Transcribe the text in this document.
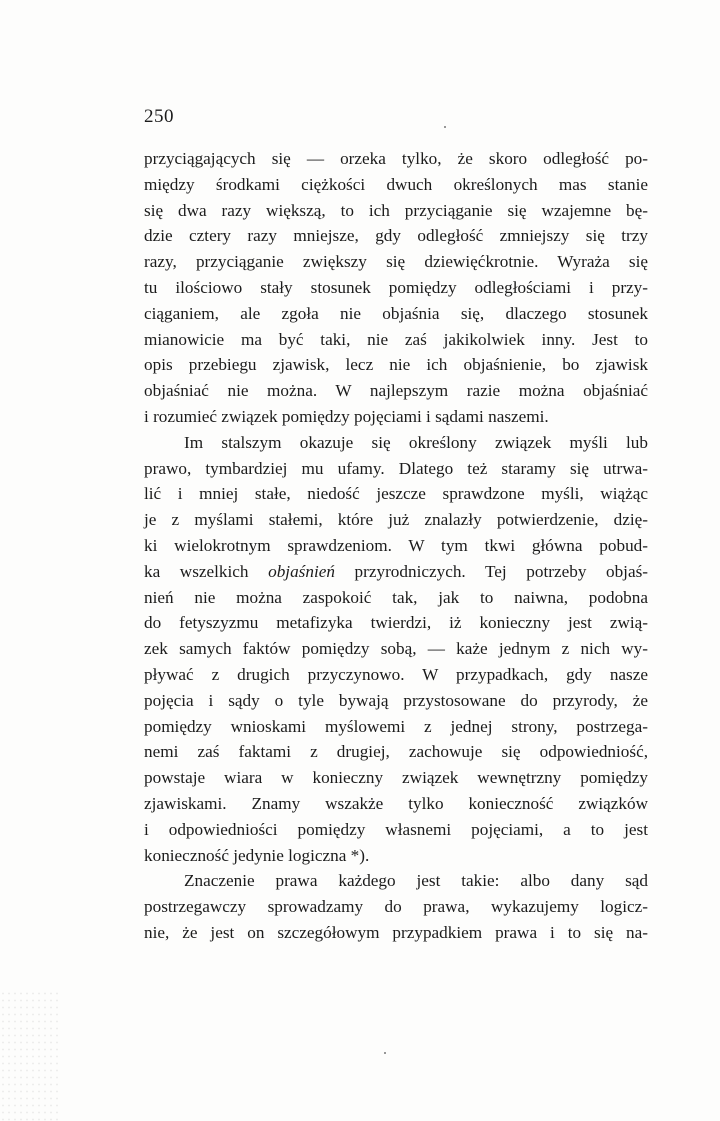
250
przyciągających się — orzeka tylko, że skoro odległość po-
między środkami ciężkości dwuch określonych mas stanie
się dwa razy większą, to ich przyciąganie się wzajemne bę-
dzie cztery razy mniejsze, gdy odległość zmniejszy się trzy
razy, przyciąganie zwiększy się dziewięćkrotnie. Wyraża się
tu ilościowo stały stosunek pomiędzy odległościami i przy-
ciąganiem, ale zgoła nie objaśnia się, dlaczego stosunek
mianowicie ma być taki, nie zaś jakikolwiek inny. Jest to
opis przebiegu zjawisk, lecz nie ich objaśnienie, bo zjawisk
objaśniać nie można. W najlepszym razie można objaśniać
i rozumieć związek pomiędzy pojęciami i sądami naszemi.
Im stalszym okazuje się określony związek myśli lub
prawo, tymbardziej mu ufamy. Dlatego też staramy się utrwa-
lić i mniej stałe, niedość jeszcze sprawdzone myśli, wiążąc
je z myślami stałemi, które już znalazły potwierdzenie, dzię-
ki wielokrotnym sprawdzeniom. W tym tkwi główna pobud-
ka wszelkich objaśnień przyrodniczych. Tej potrzeby objaś-
nień nie można zaspokoić tak, jak to naiwna, podobna
do fetyszyzmu metafizyka twierdzi, iż konieczny jest zwią-
zek samych faktów pomiędzy sobą, — każe jednym z nich wy-
pływać z drugich przyczynowo. W przypadkach, gdy nasze
pojęcia i sądy o tyle bywają przystosowane do przyrody, że
pomiędzy wnioskami myślowemi z jednej strony, postrzega-
nemi zaś faktami z drugiej, zachowuje się odpowiedniość,
powstaje wiara w konieczny związek wewnętrzny pomiędzy
zjawiskami. Znamy wszakże tylko konieczność związków
i odpowiedniości pomiędzy własnemi pojęciami, a to jest
konieczność jedynie logiczna *).
Znaczenie prawa każdego jest takie: albo dany sąd
postrzegawczy sprowadzamy do prawa, wykazujemy logicz-
nie, że jest on szczegółowym przypadkiem prawa i to się na-
